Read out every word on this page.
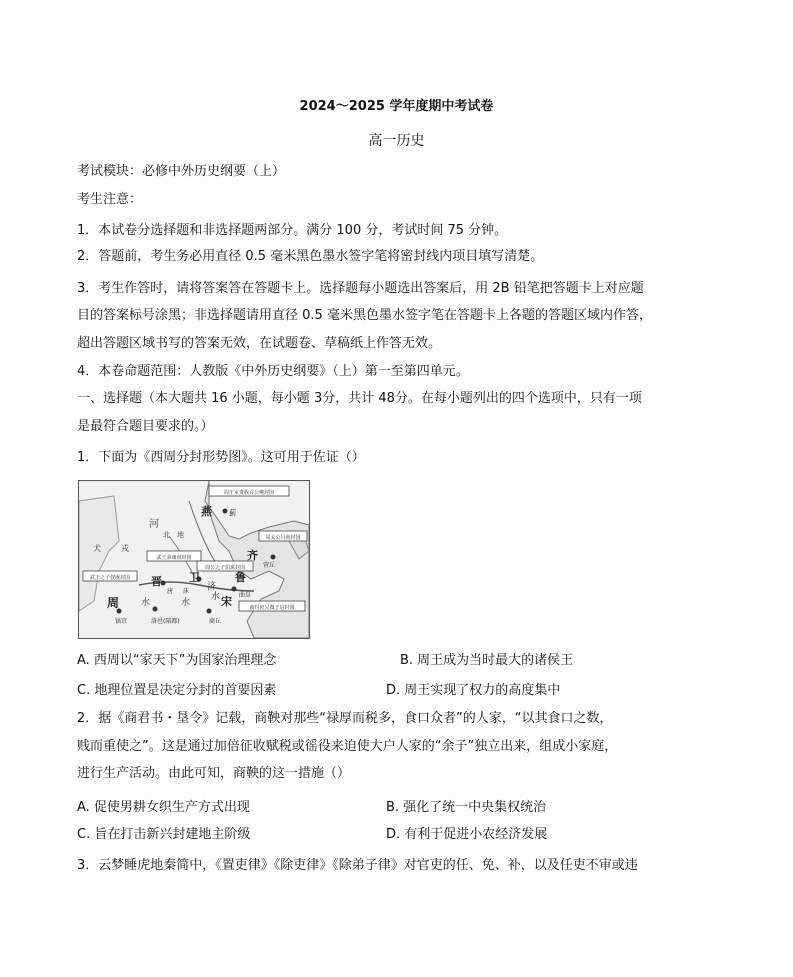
2024～2025 学年度期中考试卷
高一历史
考试模块：必修中外历史纲要（上）
考生注意：
1．本试卷分选择题和非选择题两部分。满分 100 分，考试时间 75 分钟。
2．答题前，考生务必用直径 0.5 毫米黑色墨水签字笔将密封线内项目填写清楚。
3．考生作答时，请将答案答在答题卡上。选择题每小题选出答案后，用 2B 铅笔把答题卡上对应题
目的答案标号涂黑；非选择题请用直径 0.5 毫米黑色墨水签字笔在答题卡上各题的答题区域内作答，
超出答题区域书写的答案无效，在试题卷、草稿纸上作答无效。
4．本卷命题范围：人教版《中外历史纲要》（上）第一至第四单元。
一、选择题（本大题共 16 小题，每小题 3分，共计 48分。在每小题列出的四个选项中，只有一项
是最符合题目要求的。）
1．下面为《西周分封形势图》。这可用于佐证（）
周王室贵族召公奭封国
周太公吕尚封国
武王弟康叔封国
武王之子叔虞封国
周公之子伯禽封国
商纣庶兄微子启封国
犬	戎
河
北 地
燕 蓟
齐
营丘
晋
唐
卫
沫 济
水
鲁
曲阜
周 水	宋
商丘
镐京	洛邑(陪都)
水
A. 西周以“家天下”为国家治理理念	B. 周王成为当时最大的诸侯王
C. 地理位置是决定分封的首要因素	D. 周王实现了权力的高度集中
2．据《商君书・垦令》记载，商鞅对那些“禄厚而税多，食口众者”的人家，“以其食口之数，
贱而重使之”。这是通过加倍征收赋税或徭役来迫使大户人家的“余子”独立出来，组成小家庭，
进行生产活动。由此可知，商鞅的这一措施（）
A. 促使男耕女织生产方式出现	B. 强化了统一中央集权统治
C. 旨在打击新兴封建地主阶级	D. 有利于促进小农经济发展
3．云梦睡虎地秦简中，《置吏律》《除吏律》《除弟子律》对官吏的任、免、补，以及任吏不审或违
